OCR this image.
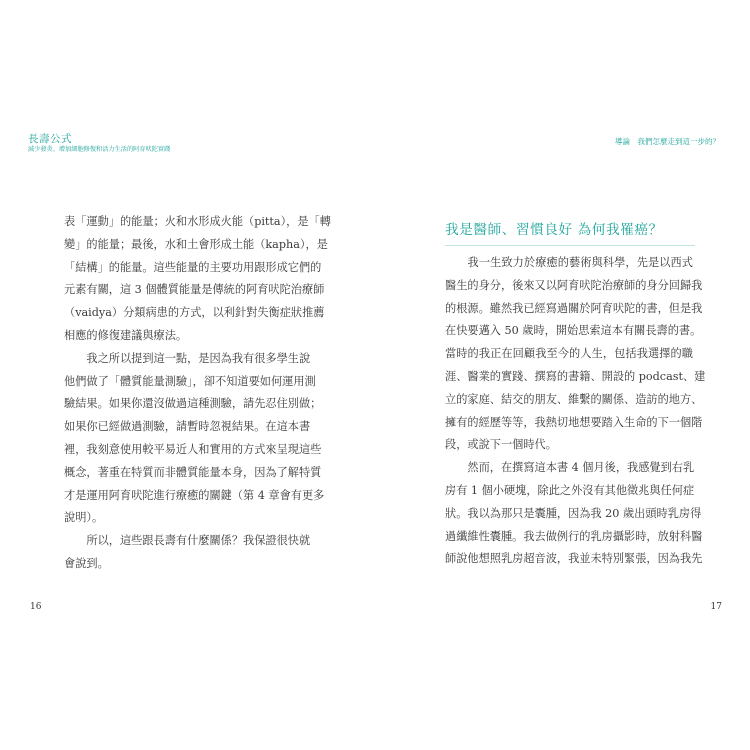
長壽公式
減少發炎、增加細胞修復和活力生活的阿育吠陀實踐
表「運動」的能量；火和水形成火能（pitta），是「轉
變」的能量；最後，水和土會形成土能（kapha），是
「結構」的能量。這些能量的主要功用跟形成它們的
元素有關，這 3 個體質能量是傳統的阿育吠陀治療師
（vaidya）分類病患的方式，以利針對失衡症狀推薦
相應的修復建議與療法。
　　我之所以提到這一點，是因為我有很多學生說
他們做了「體質能量測驗」，卻不知道要如何運用測
驗結果。如果你還沒做過這種測驗，請先忍住別做；
如果你已經做過測驗，請暫時忽視結果。在這本書
裡，我刻意使用較平易近人和實用的方式來呈現這些
概念，著重在特質而非體質能量本身，因為了解特質
才是運用阿育吠陀進行療癒的關鍵（第 4 章會有更多
說明）。
　　所以，這些跟長壽有什麼關係？我保證很快就
會說到。
16
導論　我們怎麼走到這一步的？
我是醫師、習慣良好 為何我罹癌？
　　我一生致力於療癒的藝術與科學，先是以西式
醫生的身分，後來又以阿育吠陀治療師的身分回歸我
的根源。雖然我已經寫過關於阿育吠陀的書，但是我
在快要邁入 50 歲時，開始思索這本有關長壽的書。
當時的我正在回顧我至今的人生，包括我選擇的職
涯、醫業的實踐、撰寫的書籍、開設的 podcast、建
立的家庭、結交的朋友、維繫的關係、造訪的地方、
擁有的經歷等等，我熱切地想要踏入生命的下一個階
段，或說下一個時代。
　　然而，在撰寫這本書 4 個月後，我感覺到右乳
房有 1 個小硬塊，除此之外沒有其他徵兆與任何症
狀。我以為那只是囊腫，因為我 20 歲出頭時乳房得
過纖維性囊腫。我去做例行的乳房攝影時，放射科醫
師說他想照乳房超音波，我並未特別緊張，因為我先
17
